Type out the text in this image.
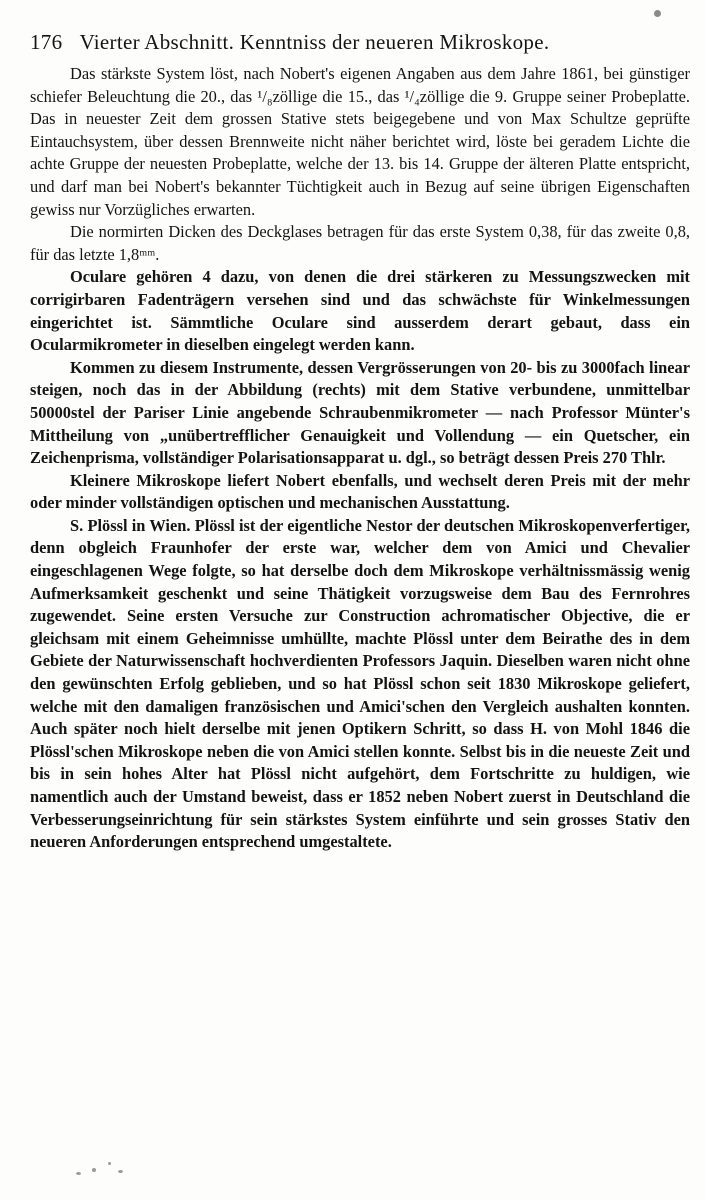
176 Vierter Abschnitt. Kenntniss der neueren Mikroskope.

Das stärkste System löst, nach Nobert's eigenen Angaben aus dem Jahre 1861, bei günstiger schiefer Beleuchtung die 20., das ¹/₈zöllige die 15., das ¹/₄zöllige die 9. Gruppe seiner Probeplatte. Das in neuester Zeit dem grossen Stative stets beigegebene und von Max Schultze geprüfte Eintauchsystem, über dessen Brennweite nicht näher berichtet wird, löste bei geradem Lichte die achte Gruppe der neuesten Probeplatte, welche der 13. bis 14. Gruppe der älteren Platte entspricht, und darf man bei Nobert's bekannter Tüchtigkeit auch in Bezug auf seine übrigen Eigenschaften gewiss nur Vorzügliches erwarten.

Die normirten Dicken des Deckglases betragen für das erste System 0,38, für das zweite 0,8, für das letzte 1,8ᵐᵐ.

Oculare gehören 4 dazu, von denen die drei stärkeren zu Messungszwecken mit corrigirbaren Fadenträgern versehen sind und das schwächste für Winkelmessungen eingerichtet ist. Sämmtliche Oculare sind ausserdem derart gebaut, dass ein Ocularmikrometer in dieselben eingelegt werden kann.

Kommen zu diesem Instrumente, dessen Vergrösserungen von 20- bis zu 3000fach linear steigen, noch das in der Abbildung (rechts) mit dem Stative verbundene, unmittelbar 50000stel der Pariser Linie angebende Schraubenmikrometer — nach Professor Münter's Mittheilung von „unübertrefflicher Genauigkeit und Vollendung — ein Quetscher, ein Zeichenprisma, vollständiger Polarisationsapparat u. dgl., so beträgt dessen Preis 270 Thlr.

Kleinere Mikroskope liefert Nobert ebenfalls, und wechselt deren Preis mit der mehr oder minder vollständigen optischen und mechanischen Ausstattung.

S. Plössl in Wien. Plössl ist der eigentliche Nestor der deutschen Mikroskopenverfertiger, denn obgleich Fraunhofer der erste war, welcher dem von Amici und Chevalier eingeschlagenen Wege folgte, so hat derselbe doch dem Mikroskope verhältnissmässig wenig Aufmerksamkeit geschenkt und seine Thätigkeit vorzugsweise dem Bau des Fernrohres zugewendet. Seine ersten Versuche zur Construction achromatischer Objective, die er gleichsam mit einem Geheimnisse umhüllte, machte Plössl unter dem Beirathe des in dem Gebiete der Naturwissenschaft hochverdienten Professors Jaquin. Dieselben waren nicht ohne den gewünschten Erfolg geblieben, und so hat Plössl schon seit 1830 Mikroskope geliefert, welche mit den damaligen französischen und Amici'schen den Vergleich aushalten konnten. Auch später noch hielt derselbe mit jenen Optikern Schritt, so dass H. von Mohl 1846 die Plössl'schen Mikroskope neben die von Amici stellen konnte. Selbst bis in die neueste Zeit und bis in sein hohes Alter hat Plössl nicht aufgehört, dem Fortschritte zu huldigen, wie namentlich auch der Umstand beweist, dass er 1852 neben Nobert zuerst in Deutschland die Verbesserungseinrichtung für sein stärkstes System einführte und sein grosses Stativ den neueren Anforderungen entsprechend umgestaltete.
